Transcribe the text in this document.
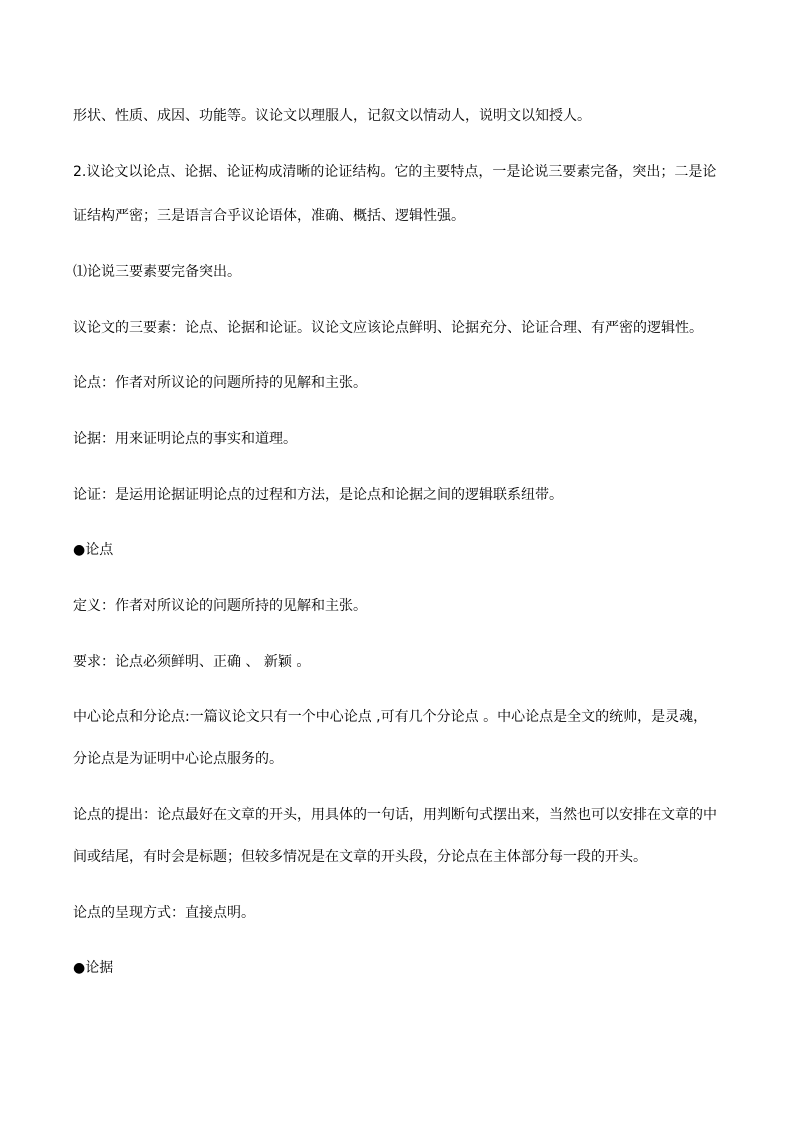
形状、性质、成因、功能等。议论文以理服人，记叙文以情动人，说明文以知授人。
2.议论文以论点、论据、论证构成清晰的论证结构。它的主要特点，一是论说三要素完备，突出；二是论
证结构严密；三是语言合乎议论语体，准确、概括、逻辑性强。
⑴论说三要素要完备突出。
议论文的三要素：论点、论据和论证。议论文应该论点鲜明、论据充分、论证合理、有严密的逻辑性。
论点：作者对所议论的问题所持的见解和主张。
论据：用来证明论点的事实和道理。
论证：是运用论据证明论点的过程和方法，是论点和论据之间的逻辑联系纽带。
●论点
定义：作者对所议论的问题所持的见解和主张。
要求：论点必须鲜明、正确 、 新颖 。
中心论点和分论点:一篇议论文只有一个中心论点 ,可有几个分论点 。中心论点是全文的统帅，是灵魂，
分论点是为证明中心论点服务的。
论点的提出：论点最好在文章的开头，用具体的一句话，用判断句式摆出来，当然也可以安排在文章的中
间或结尾，有时会是标题；但较多情况是在文章的开头段，分论点在主体部分每一段的开头。
论点的呈现方式：直接点明。
●论据
